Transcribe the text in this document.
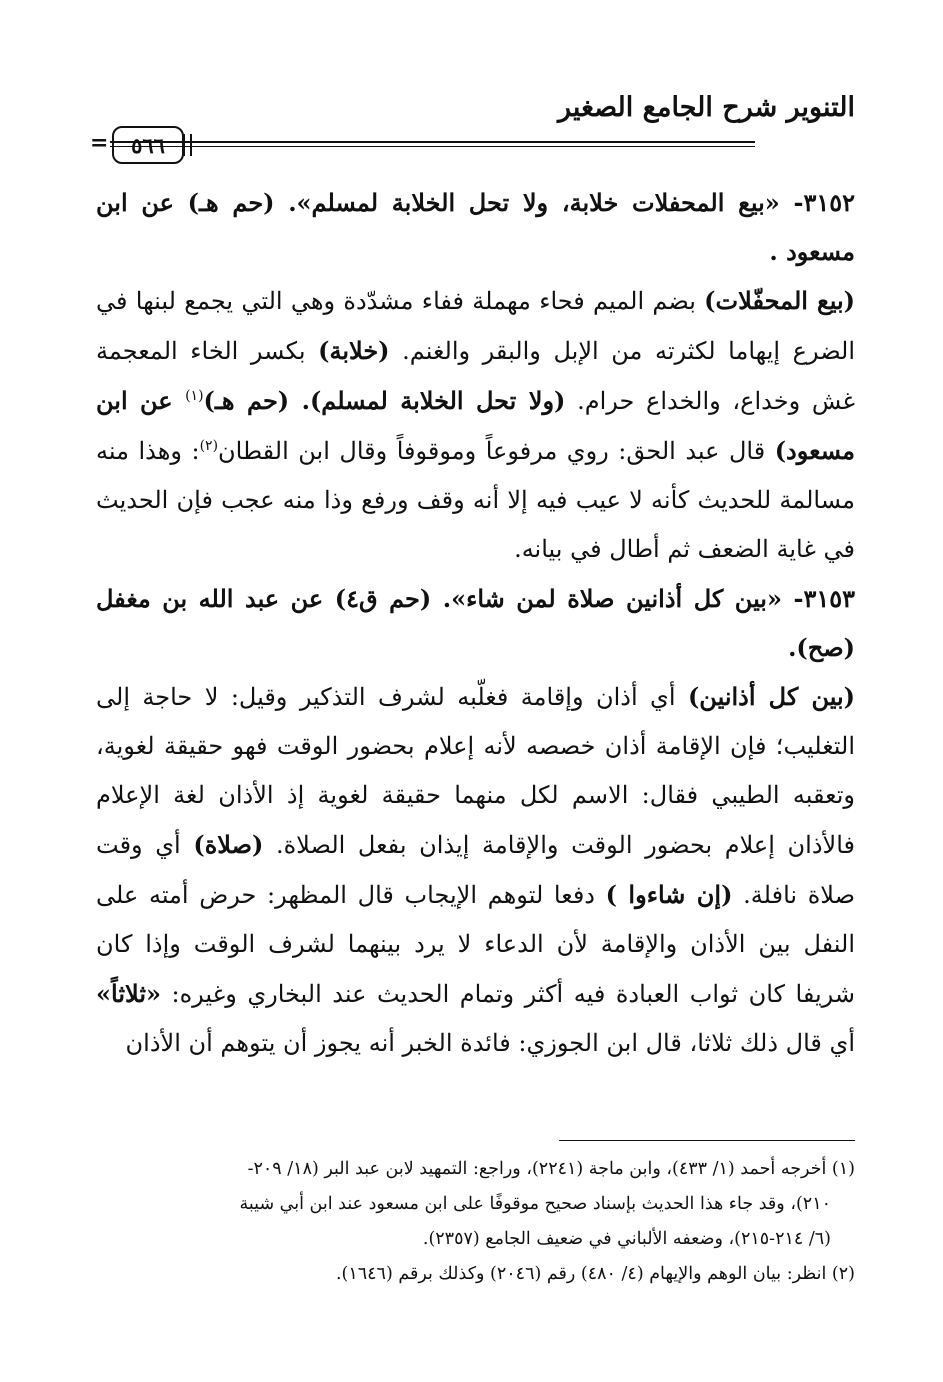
التنوير شرح الجامع الصغير
٥٦٦
=

٣١٥٢- «بيع المحفلات خلابة، ولا تحل الخلابة لمسلم». (حم هـ) عن ابن مسعود .

(بيع المحفّلات) بضم الميم فحاء مهملة ففاء مشدّدة وهي التي يجمع لبنها في الضرع إيهاما لكثرته من الإبل والبقر والغنم. (خلابة) بكسر الخاء المعجمة غش وخداع، والخداع حرام. (ولا تحل الخلابة لمسلم). (حم هـ)$^{(١)}$ عن ابن مسعود) قال عبد الحق: روي مرفوعاً وموقوفاً وقال ابن القطان$^{(٢)}$: وهذا منه مسالمة للحديث كأنه لا عيب فيه إلا أنه وقف ورفع وذا منه عجب فإن الحديث في غاية الضعف ثم أطال في بيانه.

٣١٥٣- «بين كل أذانين صلاة لمن شاء». (حم ق٤) عن عبد الله بن مغفل (صح).

(بين كل أذانين) أي أذان وإقامة فغلّبه لشرف التذكير وقيل: لا حاجة إلى التغليب؛ فإن الإقامة أذان خصصه لأنه إعلام بحضور الوقت فهو حقيقة لغوية، وتعقبه الطيبي فقال: الاسم لكل منهما حقيقة لغوية إذ الأذان لغة الإعلام فالأذان إعلام بحضور الوقت والإقامة إيذان بفعل الصلاة. (صلاة) أي وقت صلاة نافلة. (إن شاءوا ) دفعا لتوهم الإيجاب قال المظهر: حرض أمته على النفل بين الأذان والإقامة لأن الدعاء لا يرد بينهما لشرف الوقت وإذا كان شريفا كان ثواب العبادة فيه أكثر وتمام الحديث عند البخاري وغيره: «ثلاثاً» أي قال ذلك ثلاثا، قال ابن الجوزي: فائدة الخبر أنه يجوز أن يتوهم أن الأذان

(١) أخرجه أحمد (١/ ٤٣٣)، وابن ماجة (٢٢٤١)، وراجع: التمهيد لابن عبد البر (١٨/ ٢٠٩-

٢١٠)، وقد جاء هذا الحديث بإسناد صحيح موقوفًا على ابن مسعود عند ابن أبي شيبة

(٦/ ٢١٤-٢١٥)، وضعفه الألباني في ضعيف الجامع (٢٣٥٧).

(٢) انظر: بيان الوهم والإيهام (٤/ ٤٨٠) رقم (٢٠٤٦) وكذلك برقم (١٦٤٦).
